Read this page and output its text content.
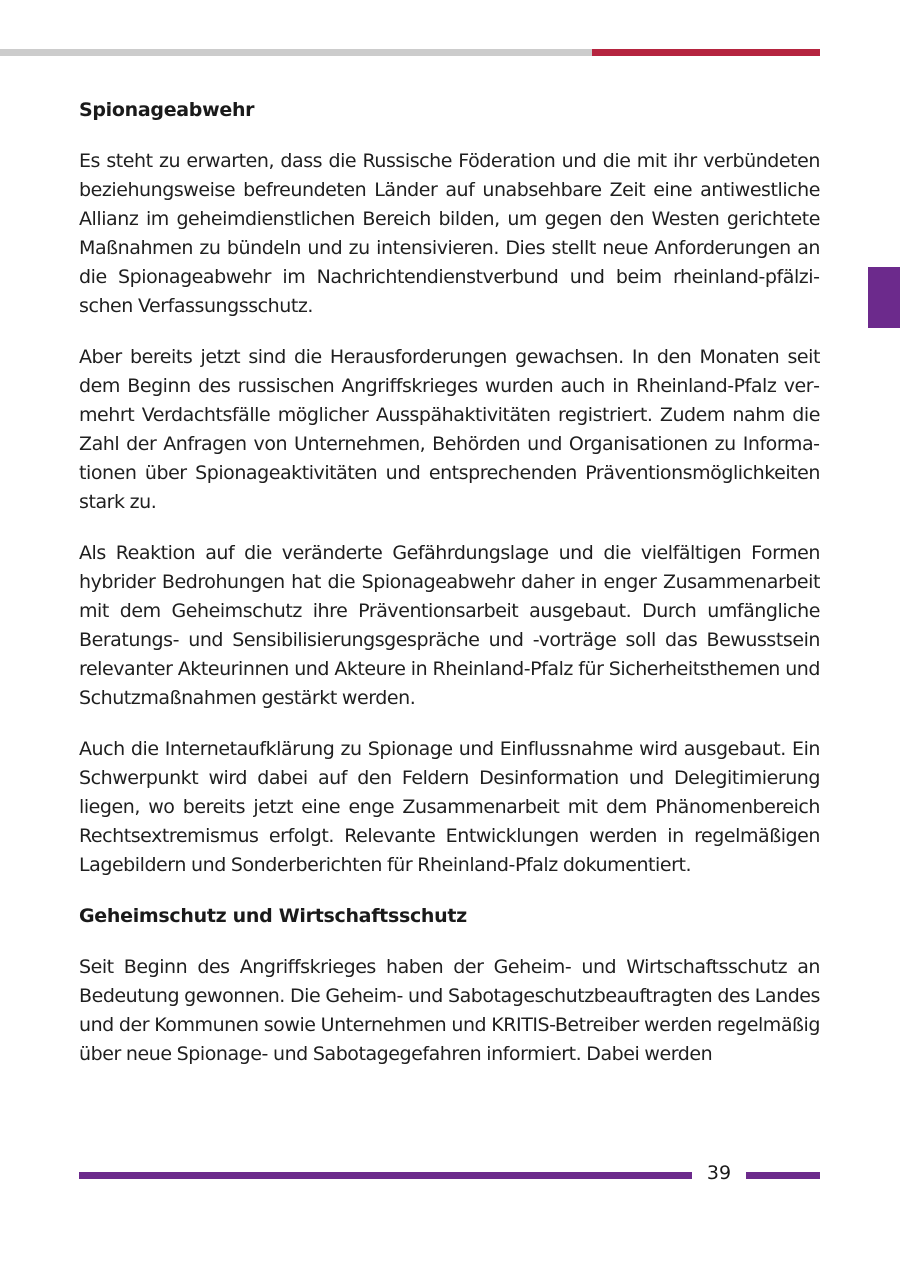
Spionageabwehr

Es steht zu erwarten, dass die Russische Föderation und die mit ihr verbündeten beziehungsweise befreundeten Länder auf unabsehbare Zeit eine antiwestliche Allianz im geheimdienstlichen Bereich bilden, um gegen den Westen gerichtete Maßnahmen zu bündeln und zu intensivieren. Dies stellt neue Anforderungen an die Spionageabwehr im Nachrichtendienstverbund und beim rheinland-pfälzischen Verfassungsschutz.

Aber bereits jetzt sind die Herausforderungen gewachsen. In den Monaten seit dem Beginn des russischen Angriffskrieges wurden auch in Rheinland-Pfalz vermehrt Verdachtsfälle möglicher Ausspähaktivitäten registriert. Zudem nahm die Zahl der Anfragen von Unternehmen, Behörden und Organisationen zu Informationen über Spionageaktivitäten und entsprechenden Präventionsmöglichkeiten stark zu.

Als Reaktion auf die veränderte Gefährdungslage und die vielfältigen Formen hybrider Bedrohungen hat die Spionageabwehr daher in enger Zusammenarbeit mit dem Geheimschutz ihre Präventionsarbeit ausgebaut. Durch umfängliche Beratungs- und Sensibilisierungsgespräche und -vorträge soll das Bewusstsein relevanter Akteurinnen und Akteure in Rheinland-Pfalz für Sicherheitsthemen und Schutzmaßnahmen gestärkt werden.

Auch die Internetaufklärung zu Spionage und Einflussnahme wird ausgebaut. Ein Schwerpunkt wird dabei auf den Feldern Desinformation und Delegitimierung liegen, wo bereits jetzt eine enge Zusammenarbeit mit dem Phänomenbereich Rechtsextremismus erfolgt. Relevante Entwicklungen werden in regelmäßigen Lagebildern und Sonderberichten für Rheinland-Pfalz dokumentiert.

Geheimschutz und Wirtschaftsschutz

Seit Beginn des Angriffskrieges haben der Geheim- und Wirtschaftsschutz an Bedeutung gewonnen. Die Geheim- und Sabotageschutzbeauftragten des Landes und der Kommunen sowie Unternehmen und KRITIS-Betreiber werden regelmäßig über neue Spionage- und Sabotagegefahren informiert. Dabei werden

39
